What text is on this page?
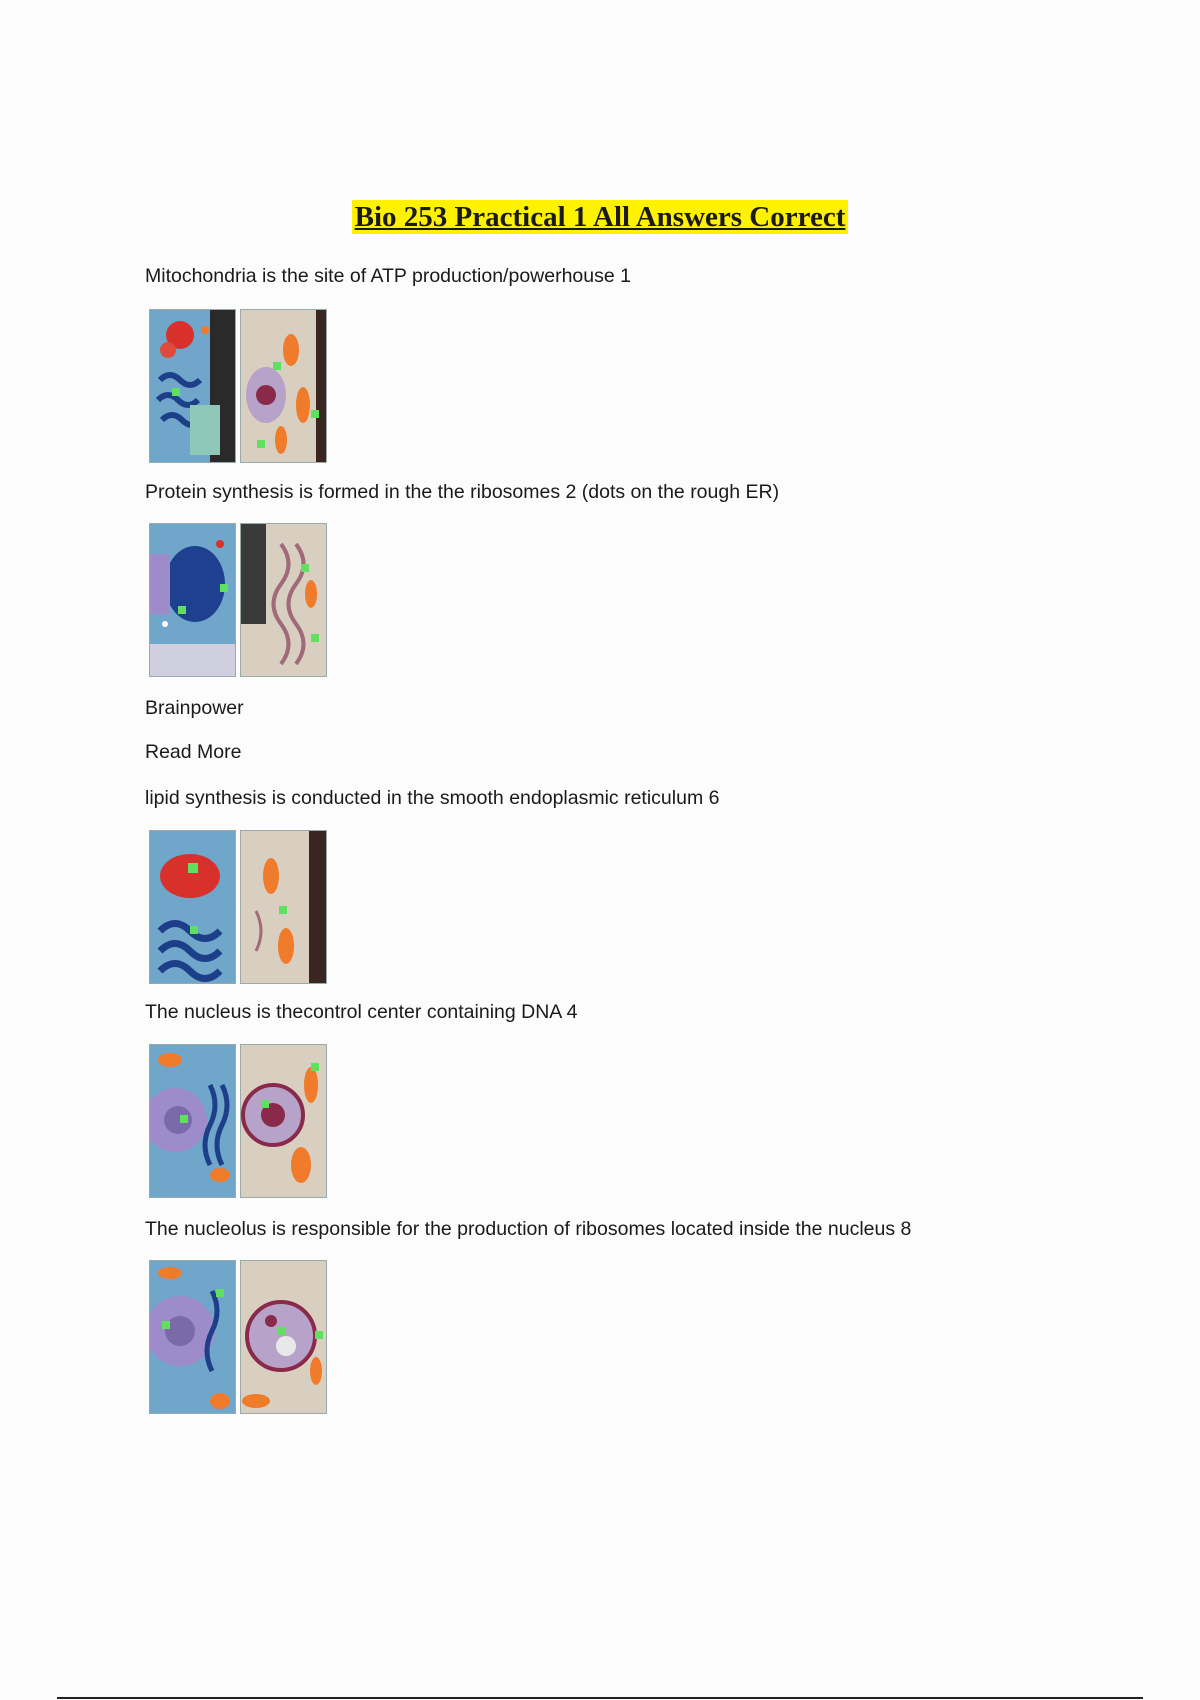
Bio 253 Practical 1 All Answers Correct
Mitochondria is the site of ATP production/powerhouse 1
Protein synthesis is formed in the the ribosomes 2 (dots on the rough ER)
Brainpower
Read More
lipid synthesis is conducted in the smooth endoplasmic reticulum 6
The nucleus is thecontrol center containing DNA 4
The nucleolus is responsible for the production of ribosomes located inside the nucleus 8
